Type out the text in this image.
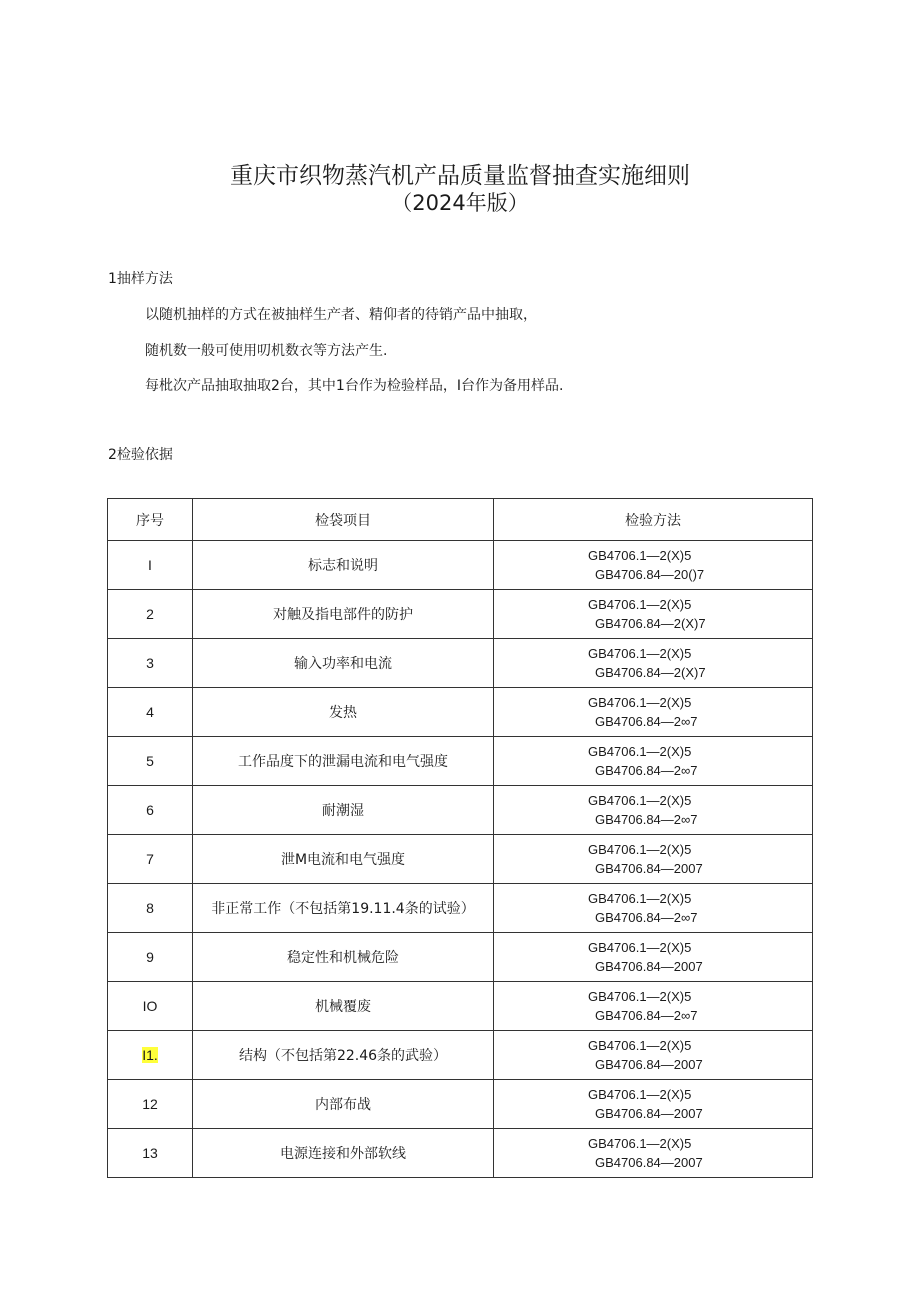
重庆市织物蒸汽机产品质量监督抽查实施细则
（2024年版）
1抽样方法
以随机抽样的方式在被抽样生产者、精仰者的待销产品中抽取，
随机数一般可使用叨机数衣等方法产生.
每枇次产品抽取抽取2台，其中1台作为检验样品，I台作为备用样品.
2检验依据
序号	检袋项目	检验方法
I	标志和说明	GB4706.1—2(X)5
GB4706.84—20()7

2	对触及指电部件的防护	GB4706.1—2(X)5
GB4706.84—2(X)7

3	输入功率和电流	GB4706.1—2(X)5
GB4706.84—2(X)7

4	发热	GB4706.1—2(X)5
GB4706.84—2∞7

5	工作品度下的泄漏电流和电气强度	GB4706.1—2(X)5
GB4706.84—2∞7

6	耐潮湿	GB4706.1—2(X)5
GB4706.84—2∞7

7	泄M电流和电气强度	GB4706.1—2(X)5
GB4706.84—2007

8	非正常工作（不包括第19.11.4条的试验）	GB4706.1—2(X)5
GB4706.84—2∞7

9	稳定性和机械危险	GB4706.1—2(X)5
GB4706.84—2007

IO	机械覆废	GB4706.1—2(X)5
GB4706.84—2∞7

I1.	结构（不包括第22.46条的武验）	GB4706.1—2(X)5
GB4706.84—2007

12	内部布战	GB4706.1—2(X)5
GB4706.84—2007

13	电源连接和外部软线	GB4706.1—2(X)5
GB4706.84—2007
